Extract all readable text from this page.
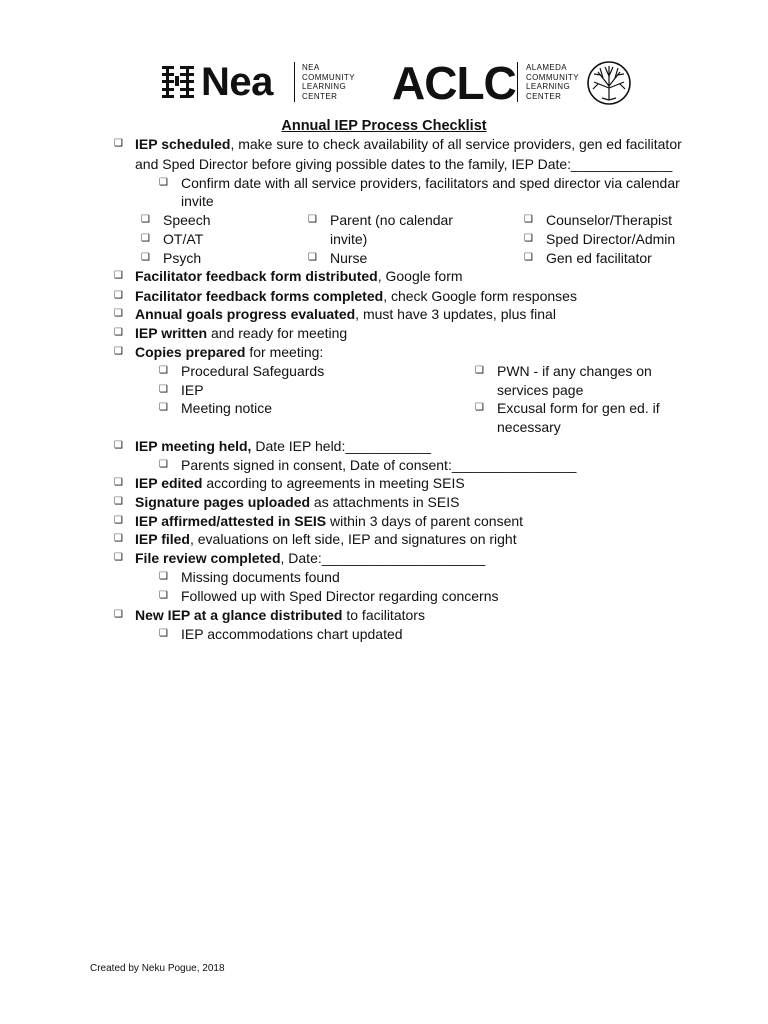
Nea	NEA
COMMUNITY
LEARNING
CENTER	ACLC ALAMEDA
COMMUNITY
LEARNING
CENTER
Annual IEP Process Checklist
❑ IEP scheduled, make sure to check availability of all service providers, gen ed facilitator
and Sped Director before giving possible dates to the family, IEP Date:_____________
❑ Confirm date with all service providers, facilitators and sped director via calendar
invite
❑ Speech
❑ OT/AT
❑ Psych
❑ Parent (no calendar
invite)
❑ Nurse
❑ Counselor/Therapist
❑ Sped Director/Admin
❑ Gen ed facilitator
❑ Facilitator feedback form distributed, Google form
❑ Facilitator feedback forms completed, check Google form responses
❑ Annual goals progress evaluated, must have 3 updates, plus final
❑ IEP written and ready for meeting
❑ Copies prepared for meeting:
❑ Procedural Safeguards
❑ IEP
❑ Meeting notice
❑ PWN - if any changes on
services page
❑ Excusal form for gen ed. if
necessary
❑ IEP meeting held, Date IEP held:___________
❑ Parents signed in consent, Date of consent:________________
❑ IEP edited according to agreements in meeting SEIS
❑ Signature pages uploaded as attachments in SEIS
❑ IEP affirmed/attested in SEIS within 3 days of parent consent
❑ IEP filed, evaluations on left side, IEP and signatures on right
❑ File review completed, Date:_____________________
❑ Missing documents found
❑ Followed up with Sped Director regarding concerns
❑ New IEP at a glance distributed to facilitators
❑ IEP accommodations chart updated
Created by Neku Pogue, 2018
